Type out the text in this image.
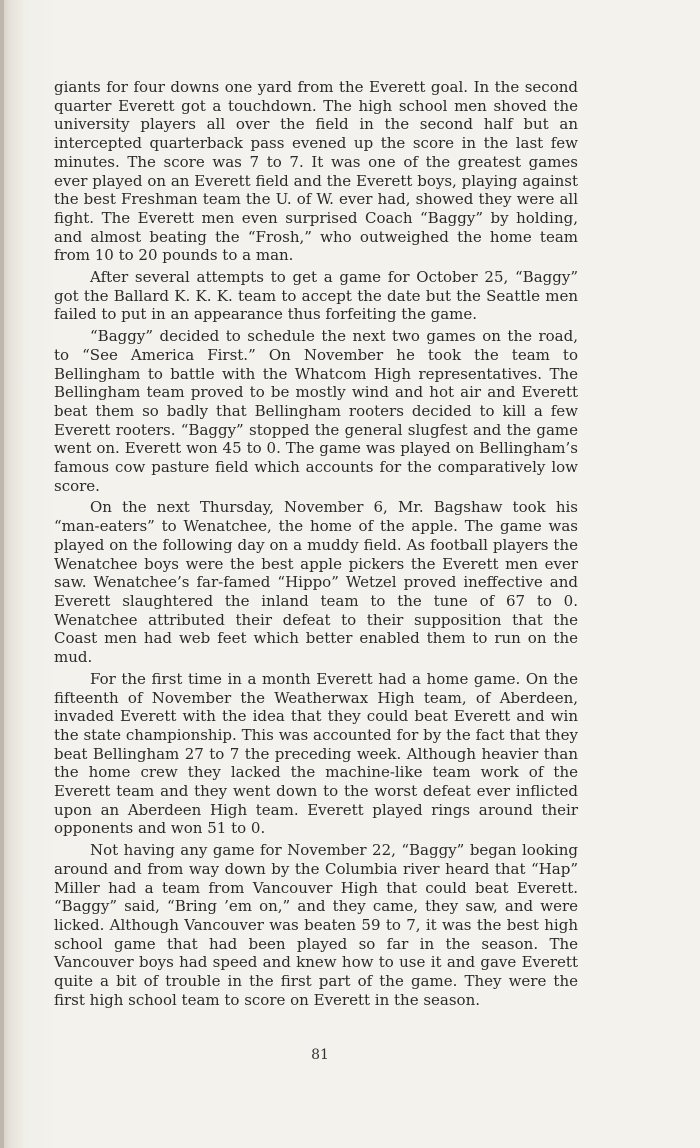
giants for four downs one yard from the Everett goal. In the second quarter Everett got a touchdown. The high school men shoved the university players all over the field in the second half but an intercepted quarterback pass evened up the score in the last few minutes. The score was 7 to 7. It was one of the greatest games ever played on an Everett field and the Everett boys, playing against the best Freshman team the U. of W. ever had, showed they were all fight. The Everett men even surprised Coach “Baggy” by holding, and almost beating the “Frosh,” who outweighed the home team from 10 to 20 pounds to a man.

After several attempts to get a game for October 25, “Baggy” got the Ballard K. K. K. team to accept the date but the Seattle men failed to put in an appearance thus forfeiting the game.

“Baggy” decided to schedule the next two games on the road, to “See America First.” On November he took the team to Bellingham to battle with the Whatcom High representatives. The Bellingham team proved to be mostly wind and hot air and Everett beat them so badly that Bellingham rooters decided to kill a few Everett rooters. “Baggy” stopped the general slugfest and the game went on. Everett won 45 to 0. The game was played on Bellingham’s famous cow pasture field which accounts for the comparatively low score.

On the next Thursday, November 6, Mr. Bagshaw took his “man-eaters” to Wenatchee, the home of the apple. The game was played on the following day on a muddy field. As football players the Wenatchee boys were the best apple pickers the Everett men ever saw. Wenatchee’s far-famed “Hippo” Wetzel proved ineffective and Everett slaughtered the inland team to the tune of 67 to 0. Wenatchee attributed their defeat to their supposition that the Coast men had web feet which better enabled them to run on the mud.

For the first time in a month Everett had a home game. On the fifteenth of November the Weatherwax High team, of Aberdeen, invaded Everett with the idea that they could beat Everett and win the state championship. This was accounted for by the fact that they beat Bellingham 27 to 7 the preceding week. Although heavier than the home crew they lacked the machine-like team work of the Everett team and they went down to the worst defeat ever inflicted upon an Aberdeen High team. Everett played rings around their opponents and won 51 to 0.

Not having any game for November 22, “Baggy” began looking around and from way down by the Columbia river heard that “Hap” Miller had a team from Vancouver High that could beat Everett. “Baggy” said, “Bring ’em on,” and they came, they saw, and were licked. Although Vancouver was beaten 59 to 7, it was the best high school game that had been played so far in the season. The Vancouver boys had speed and knew how to use it and gave Everett quite a bit of trouble in the first part of the game. They were the first high school team to score on Everett in the season.

81
